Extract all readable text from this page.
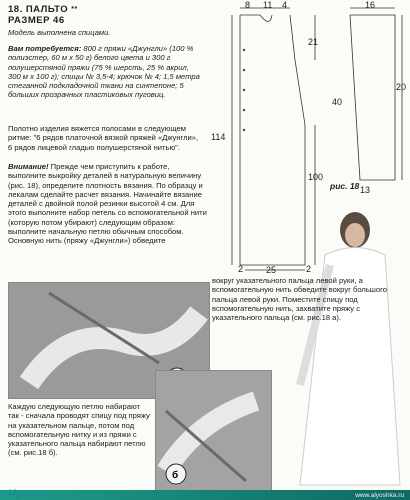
18. ПАЛЬТО **
РАЗМЕР 46
Модель выполнена спицами.
Вам потребуется: 800 г пряжи «Джунгли» (100 % полиэстер, 60 м х 50 г) белого цвета и 300 г полушерстяной пряжи (75 % шерсть, 25 % акрил, 300 м х 100 г); спицы № 3,5-4; крючок № 4; 1,5 метра стеганной подкладочной ткани на синтепоне; 5 больших прозрачных пластиковых пуговиц.
Полотно изделия вяжется полосами в следующем ритме: "6 рядов платочной вязкой пряжей «Джунгли», 6 рядов лицевой гладью полушерстяной нитью".
Внимание! Прежде чем приступить к работе, выполните выкройку деталей в натуральную величину (рис. 18), определите плотность вязания. По образцу и лекалам сделайте расчет вязания. Начинайте вязание деталей с двойной полой резинки высотой 4 см. Для этого выполните набор петель со вспомогательной нити (которую потом убирают) следующим образом: выполните начальную петлю обычным способом. Основную нить (пряжу «Джунгли») обведите
8 11 4	16
21
114
100
40
20
13
2	25	2
рис. 18
вокруг указательного пальца левой руки, а вспомогательную нить обведите вокруг большого пальца левой руки. Поместите спицу под вспомогательную нить, захватите пряжу с указательного пальца (см. рис.18 а).
б
Каждую следующую петлю набирают так - сначала проводят спицу под пряжу на указательном пальце, потом под вспомогательную нитку и из пряжи с указательного пальца набирают петлю (см. рис.18 б).
Ирина	www.alyoshka.ru
